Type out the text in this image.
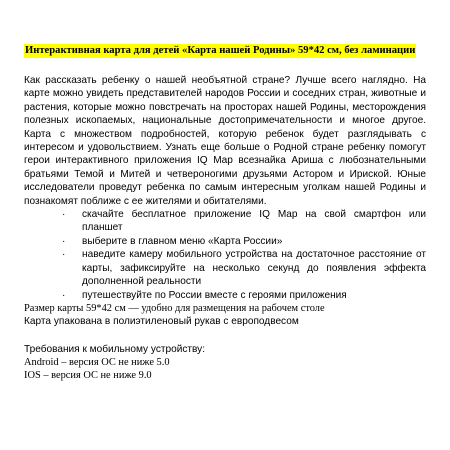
Интерактивная карта для детей «Карта нашей Родины» 59*42 см, без ламинации
Как рассказать ребенку о нашей необъятной стране? Лучше всего наглядно. На карте можно увидеть представителей народов России и соседних стран, животные и растения, которые можно повстречать на просторах нашей Родины, месторождения полезных ископаемых, национальные достопримечательности и многое другое. Карта с множеством подробностей, которую ребенок будет разглядывать с интересом и удовольствием. Узнать еще больше о Родной стране ребенку помогут герои интерактивного приложения IQ Map всезнайка Ариша с любознательными братьями Темой и Митей и четвероногими друзьями Астором и Ириской. Юные исследователи проведут ребенка по самым интересным уголкам нашей Родины и познакомят поближе с ее жителями и обитателями.
· скачайте бесплатное приложение IQ Map на свой смартфон или планшет
· выберите в главном меню «Карта России»
· наведите камеру мобильного устройства на достаточное расстояние от карты, зафиксируйте на несколько секунд до появления эффекта дополненной реальности
· путешествуйте по России вместе с героями приложения
Размер карты 59*42 см — удобно для размещения на рабочем столе
Карта упакована в полиэтиленовый рукав с европодвесом
Требования к мобильному устройству:
Android – версия ОС не ниже 5.0
IOS – версия ОС не ниже 9.0
